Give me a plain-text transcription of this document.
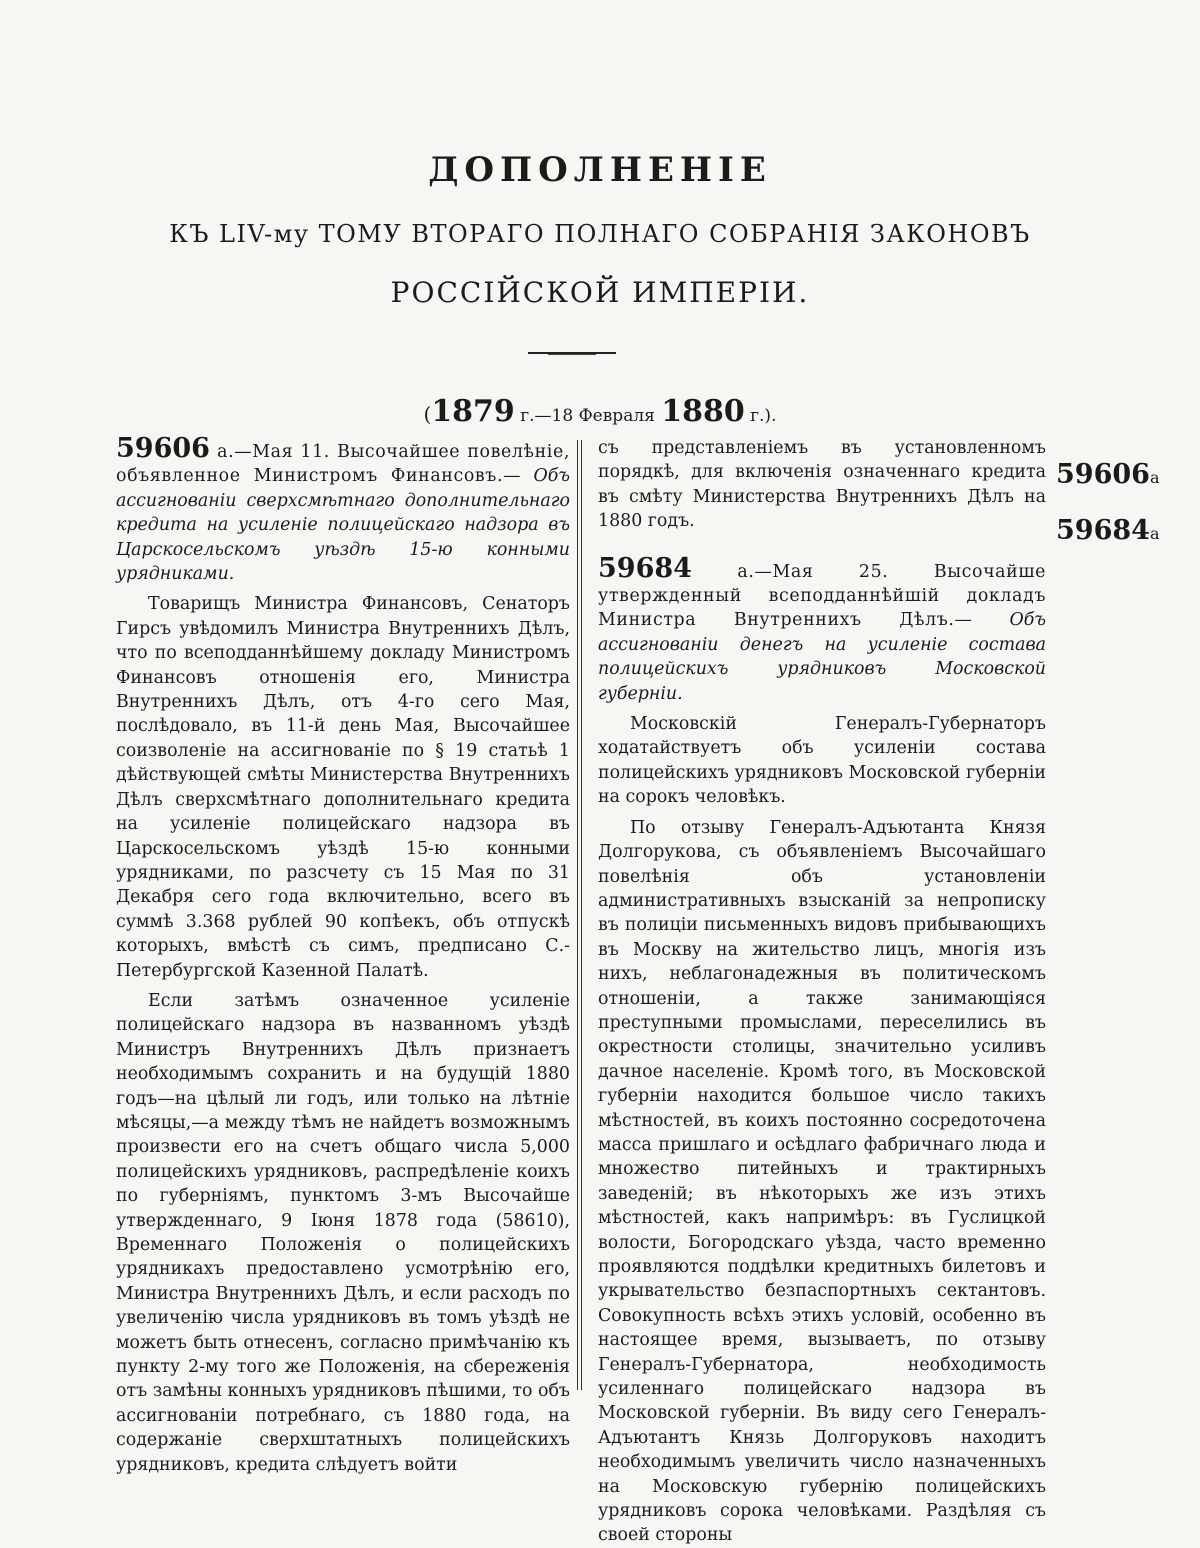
ДОПОЛНЕНIЕ
КЪ LIV-му ТОМУ ВТОРАГО ПОЛНАГО СОБРАНIЯ ЗАКОНОВЪ
РОССIЙСКОЙ ИМПЕРIИ.
(1879 г.—18 Февраля 1880 г.).

59606 а.—Мая 11. Высочайшее повелѣнiе, объявленное Министромъ Финансовъ.— Объ ассигнованiи сверхсмѣтнаго дополнительнаго кредита на усиленiе полицейскаго надзора въ Царскосельскомъ уѣздѣ 15-ю конными урядниками.

Товарищъ Министра Финансовъ, Сенаторъ Гирсъ увѣдомилъ Министра Внутреннихъ Дѣлъ, что по всеподданнѣйшему докладу Министромъ Финансовъ отношенiя его, Министра Внутреннихъ Дѣлъ, отъ 4-го сего Мая, послѣдовало, въ 11-й день Мая, Высочайшее соизволенiе на ассигнованiе по § 19 статьѣ 1 дѣйствующей смѣты Министерства Внутреннихъ Дѣлъ сверхсмѣтнаго дополнительнаго кредита на усиленiе полицейскаго надзора въ Царскосельскомъ уѣздѣ 15-ю конными урядниками, по разсчету съ 15 Мая по 31 Декабря сего года включительно, всего въ суммѣ 3.368 рублей 90 копѣекъ, объ отпускѣ которыхъ, вмѣстѣ съ симъ, предписано С.-Петербургской Казенной Палатѣ.

Если затѣмъ означенное усиленiе полицейскаго надзора въ названномъ уѣздѣ Министръ Внутреннихъ Дѣлъ признаетъ необходимымъ сохранить и на будущiй 1880 годъ—на цѣлый ли годъ, или только на лѣтнiе мѣсяцы,—а между тѣмъ не найдетъ возможнымъ произвести его на счетъ общаго числа 5,000 полицейскихъ урядниковъ, распредѣленiе коихъ по губернiямъ, пунктомъ 3-мъ Высочайше утвержденнаго, 9 Iюня 1878 года (58610), Временнаго Положенiя о полицейскихъ урядникахъ предоставлено усмотрѣнiю его, Министра Внутреннихъ Дѣлъ, и если расходъ по увеличенiю числа урядниковъ въ томъ уѣздѣ не можетъ быть отнесенъ, согласно примѣчанiю къ пункту 2-му того же Положенiя, на сбереженiя отъ замѣны конныхъ урядниковъ пѣшими, то объ ассигнованiи потребнаго, съ 1880 года, на содержанiе сверхштатныхъ полицейскихъ урядниковъ, кредита слѣдуетъ войти

съ представленiемъ въ установленномъ порядкѣ, для включенiя означеннаго кредита въ смѣту Министерства Внутреннихъ Дѣлъ на 1880 годъ.

59684 а.—Мая 25. Высочайше утвержденный всеподданнѣйшiй докладъ Министра Внутреннихъ Дѣлъ.— Объ ассигнованiи денегъ на усиленiе состава полицейскихъ урядниковъ Московской губернiи.

Московскiй Генералъ-Губернаторъ ходатайствуетъ объ усиленiи состава полицейскихъ урядниковъ Московской губернiи на сорокъ человѣкъ.

По отзыву Генералъ-Адъютанта Князя Долгорукова, съ объявленiемъ Высочайшаго повелѣнiя объ установленiи административныхъ взысканiй за непрописку въ полицiи письменныхъ видовъ прибывающихъ въ Москву на жительство лицъ, многiя изъ нихъ, неблагонадежныя въ политическомъ отношенiи, а также занимающiяся преступными промыслами, переселились въ окрестности столицы, значительно усиливъ дачное населенiе. Кромѣ того, въ Московской губернiи находится большое число такихъ мѣстностей, въ коихъ постоянно сосредоточена масса пришлаго и осѣдлаго фабричнаго люда и множество питейныхъ и трактирныхъ заведенiй; въ нѣкоторыхъ же изъ этихъ мѣстностей, какъ напримѣръ: въ Гуслицкой волости, Богородскаго уѣзда, часто временно проявляются поддѣлки кредитныхъ билетовъ и укрывательство безпаспортныхъ сектантовъ. Совокупность всѣхъ этихъ условiй, особенно въ настоящее время, вызываетъ, по отзыву Генералъ-Губернатора, необходимость усиленнаго полицейскаго надзора въ Московской губернiи. Въ виду сего Генералъ-Адъютантъ Князь Долгоруковъ находитъ необходимымъ увеличить число назначенныхъ на Московскую губернiю полицейскихъ урядниковъ сорока человѣками. Раздѣляя съ своей стороны

59606а
59684а
